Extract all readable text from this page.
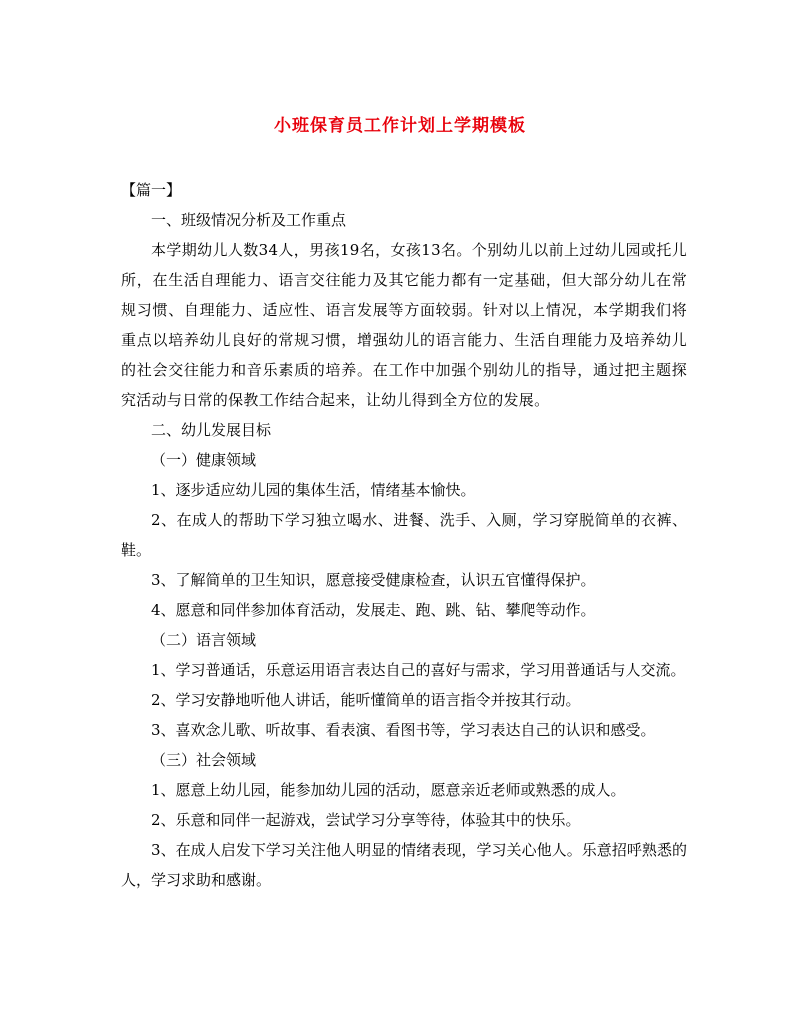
小班保育员工作计划上学期模板

【篇一】

一、班级情况分析及工作重点

本学期幼儿人数34人，男孩19名，女孩13名。个别幼儿以前上过幼儿园或托儿所，在生活自理能力、语言交往能力及其它能力都有一定基础，但大部分幼儿在常规习惯、自理能力、适应性、语言发展等方面较弱。针对以上情况，本学期我们将重点以培养幼儿良好的常规习惯，增强幼儿的语言能力、生活自理能力及培养幼儿的社会交往能力和音乐素质的培养。在工作中加强个别幼儿的指导，通过把主题探究活动与日常的保教工作结合起来，让幼儿得到全方位的发展。

二、幼儿发展目标

（一）健康领域

1、逐步适应幼儿园的集体生活，情绪基本愉快。

2、在成人的帮助下学习独立喝水、进餐、洗手、入厕，学习穿脱简单的衣裤、鞋。

3、了解简单的卫生知识，愿意接受健康检查，认识五官懂得保护。

4、愿意和同伴参加体育活动，发展走、跑、跳、钻、攀爬等动作。

（二）语言领域

1、学习普通话，乐意运用语言表达自己的喜好与需求，学习用普通话与人交流。

2、学习安静地听他人讲话，能听懂简单的语言指令并按其行动。

3、喜欢念儿歌、听故事、看表演、看图书等，学习表达自己的认识和感受。

（三）社会领域

1、愿意上幼儿园，能参加幼儿园的活动，愿意亲近老师或熟悉的成人。

2、乐意和同伴一起游戏，尝试学习分享等待，体验其中的快乐。

3、在成人启发下学习关注他人明显的情绪表现，学习关心他人。乐意招呼熟悉的人，学习求助和感谢。
